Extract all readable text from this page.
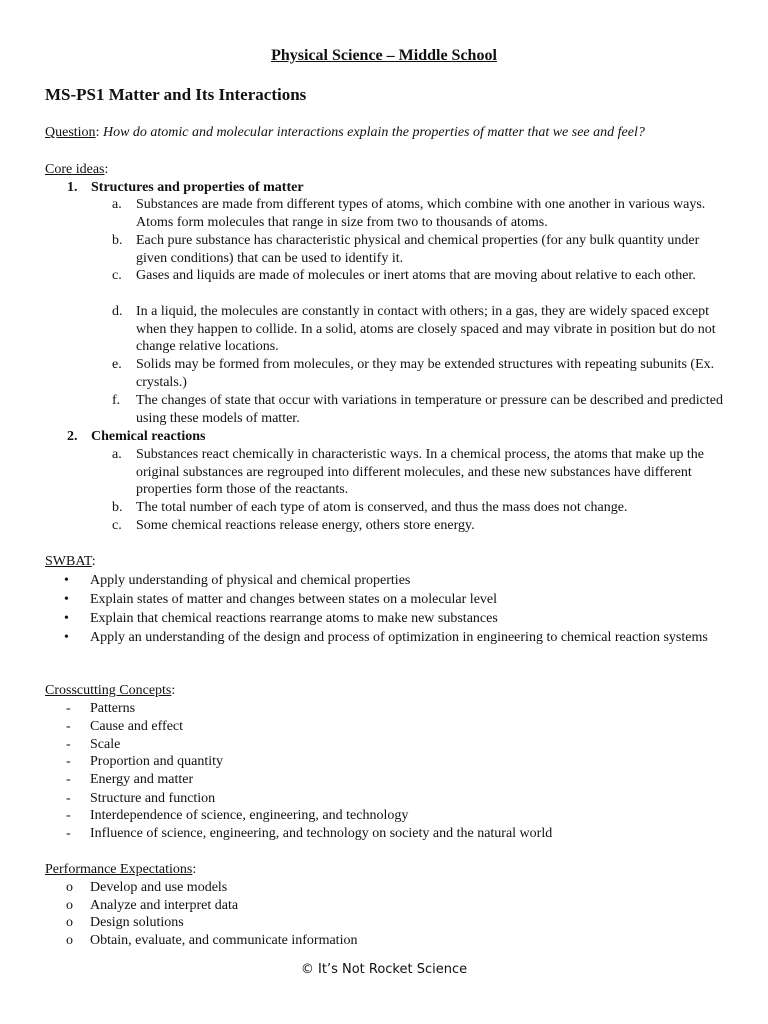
Physical Science – Middle School
MS-PS1 Matter and Its Interactions
Question: How do atomic and molecular interactions explain the properties of matter that we see and feel?
Core ideas:
1. Structures and properties of matter
a.	Substances are made from different types of atoms, which combine with one another in various ways. Atoms form molecules that range in size from two to thousands of atoms.
b. Each pure substance has characteristic physical and chemical properties (for any bulk quantity under given conditions) that can be used to identify it.
c.	Gases and liquids are made of molecules or inert atoms that are moving about relative to each other.
d. In a liquid, the molecules are constantly in contact with others; in a gas, they are widely spaced except when they happen to collide. In a solid, atoms are closely spaced and may vibrate in position but do not change relative locations.
e.	Solids may be formed from molecules, or they may be extended structures with repeating subunits (Ex. crystals.)
f.	The changes of state that occur with variations in temperature or pressure can be described and predicted using these models of matter.
2. Chemical reactions
a.	Substances react chemically in characteristic ways. In a chemical process, the atoms that make up the original substances are regrouped into different molecules, and these new substances have different properties form those of the reactants.
b. The total number of each type of atom is conserved, and thus the mass does not change.
c.	Some chemical reactions release energy, others store energy.
SWBAT:
•	Apply understanding of physical and chemical properties
•	Explain states of matter and changes between states on a molecular level
•	Explain that chemical reactions rearrange atoms to make new substances
•	Apply an understanding of the design and process of optimization in engineering to chemical reaction systems
Crosscutting Concepts:
-	Patterns
-	Cause and effect
-	Scale
-	Proportion and quantity
-	Energy and matter
-	Structure and function
-	Interdependence of science, engineering, and technology
-	Influence of science, engineering, and technology on society and the natural world
Performance Expectations:
o	Develop and use models
o	Analyze and interpret data
o	Design solutions
o	Obtain, evaluate, and communicate information
© It’s Not Rocket Science
